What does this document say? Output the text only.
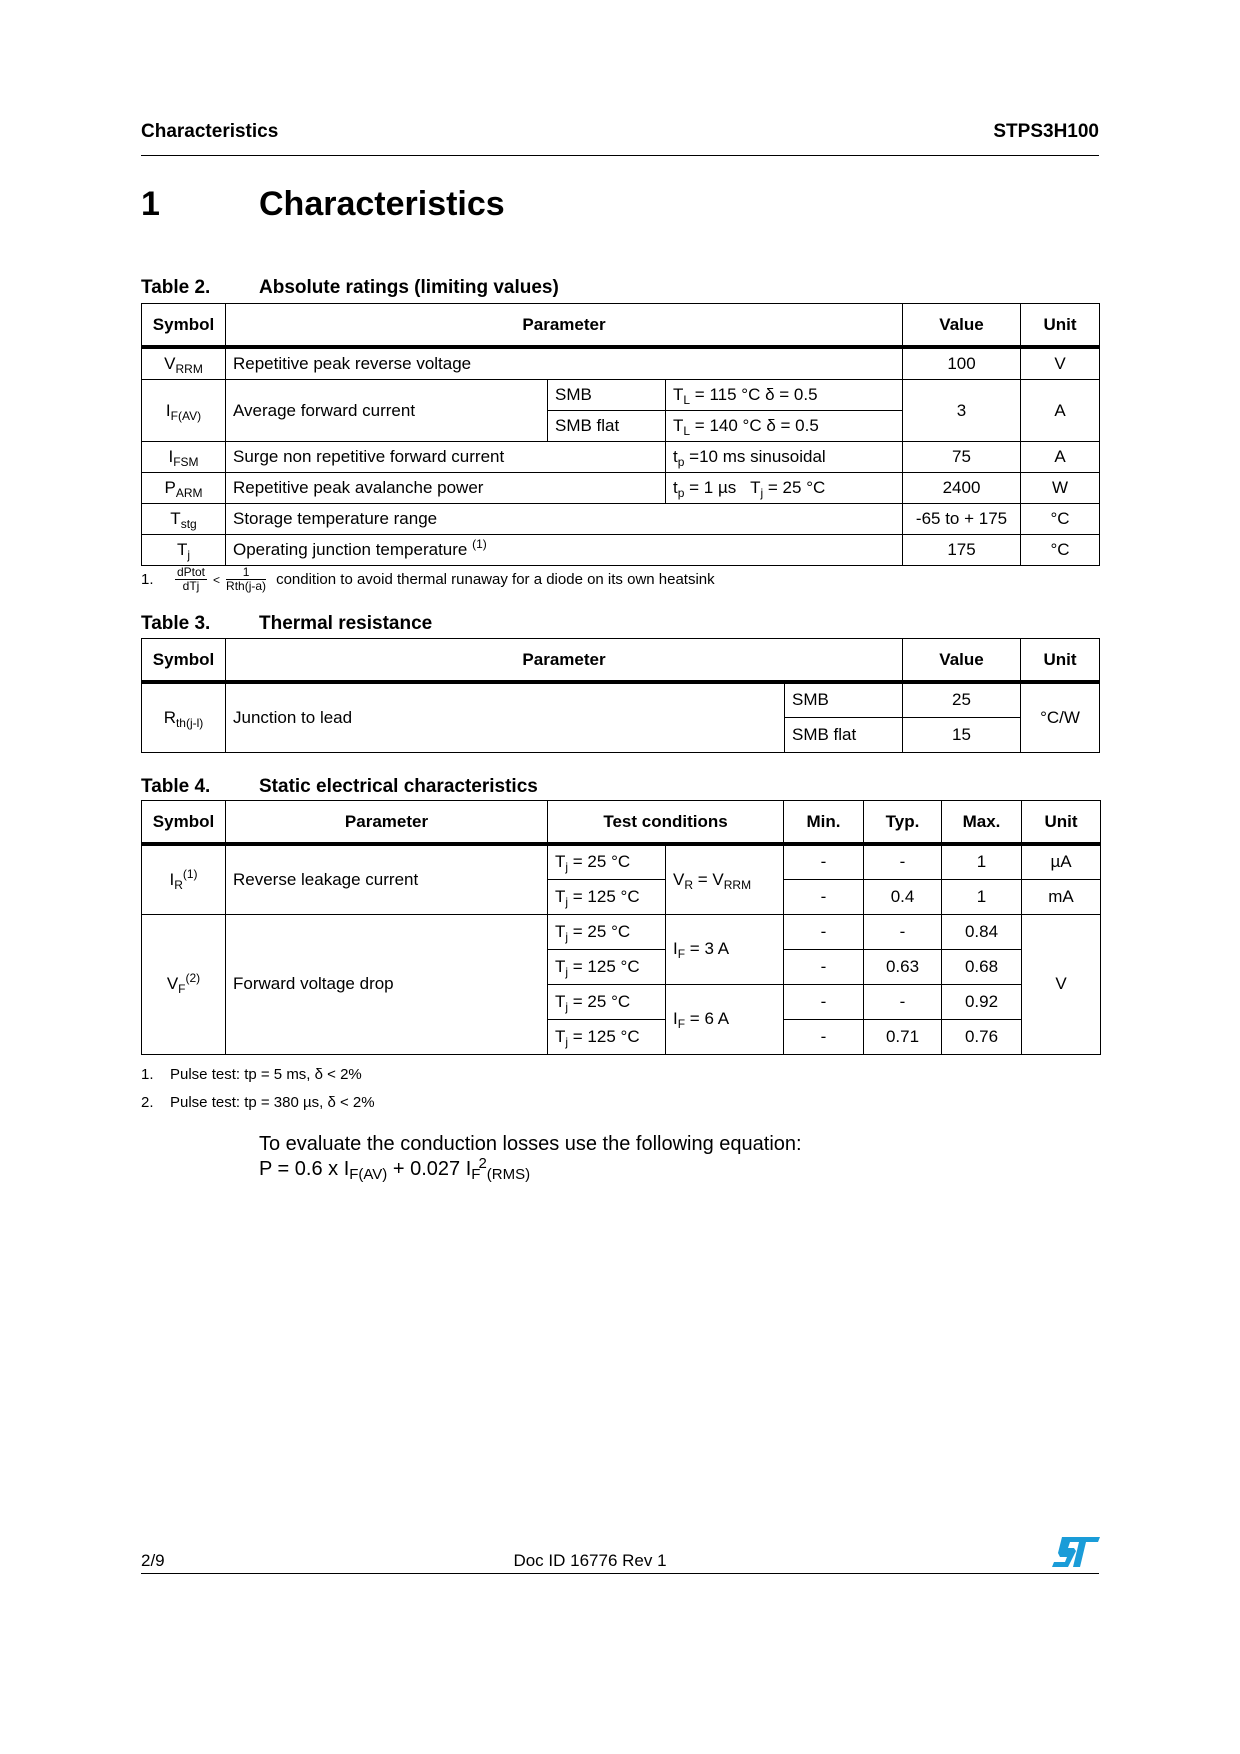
Characteristics	STPS3H100
1	Characteristics
Table 2.	Absolute ratings (limiting values)
Symbol	Parameter			Value	Unit
$V_{RRM}$	Repetitive peak reverse voltage			100	V
$I_{F(AV)}$	Average forward current	SMB	$T_L = 115$ °C δ = 0.5	3	A
		SMB flat	$T_L = 140$ °C δ = 0.5		
$I_{FSM}$	Surge non repetitive forward current		$t_p =10$ ms sinusoidal	75	A
$P_{ARM}$	Repetitive peak avalanche power		$t_p = 1$ µs   $T_j = 25$ °C	2400	W
$T_{stg}$	Storage temperature range			-65 to + 175	°C
$T_j$	Operating junction temperature $^{(1)}$			175	°C
1.	$\frac{\text{dPtot}}{\text{dTj}} < \frac{1}{\text{Rth(j-a)}}$ condition to avoid thermal runaway for a diode on its own heatsink
Table 3.	Thermal resistance
Symbol	Parameter		Value	Unit
$R_{th(j-l)}$	Junction to lead	SMB	25	°C/W
		SMB flat	15	
Table 4.	Static electrical characteristics
Symbol	Parameter	Test conditions		Min.	Typ.	Max.	Unit
$I_R^{(1)}$	Reverse leakage current	$T_j = 25$ °C	$V_R = V_{RRM}$	-	-	1	µA
		$T_j = 125$ °C		-	0.4	1	mA
$V_F^{(2)}$	Forward voltage drop	$T_j = 25$ °C	$I_F = 3$ A	-	-	0.84	V
		$T_j = 125$ °C		-	0.63	0.68	
		$T_j = 25$ °C	$I_F = 6$ A	-	-	0.92	
		$T_j = 125$ °C		-	0.71	0.76	
1. Pulse test: tp = 5 ms, δ < 2%
2. Pulse test: tp = 380 µs, δ < 2%
To evaluate the conduction losses use the following equation:
P = 0.6 x $I_{F(AV)} + 0.027$ $I_F^2_{(RMS)}$
2/9	Doc ID 16776 Rev 1
